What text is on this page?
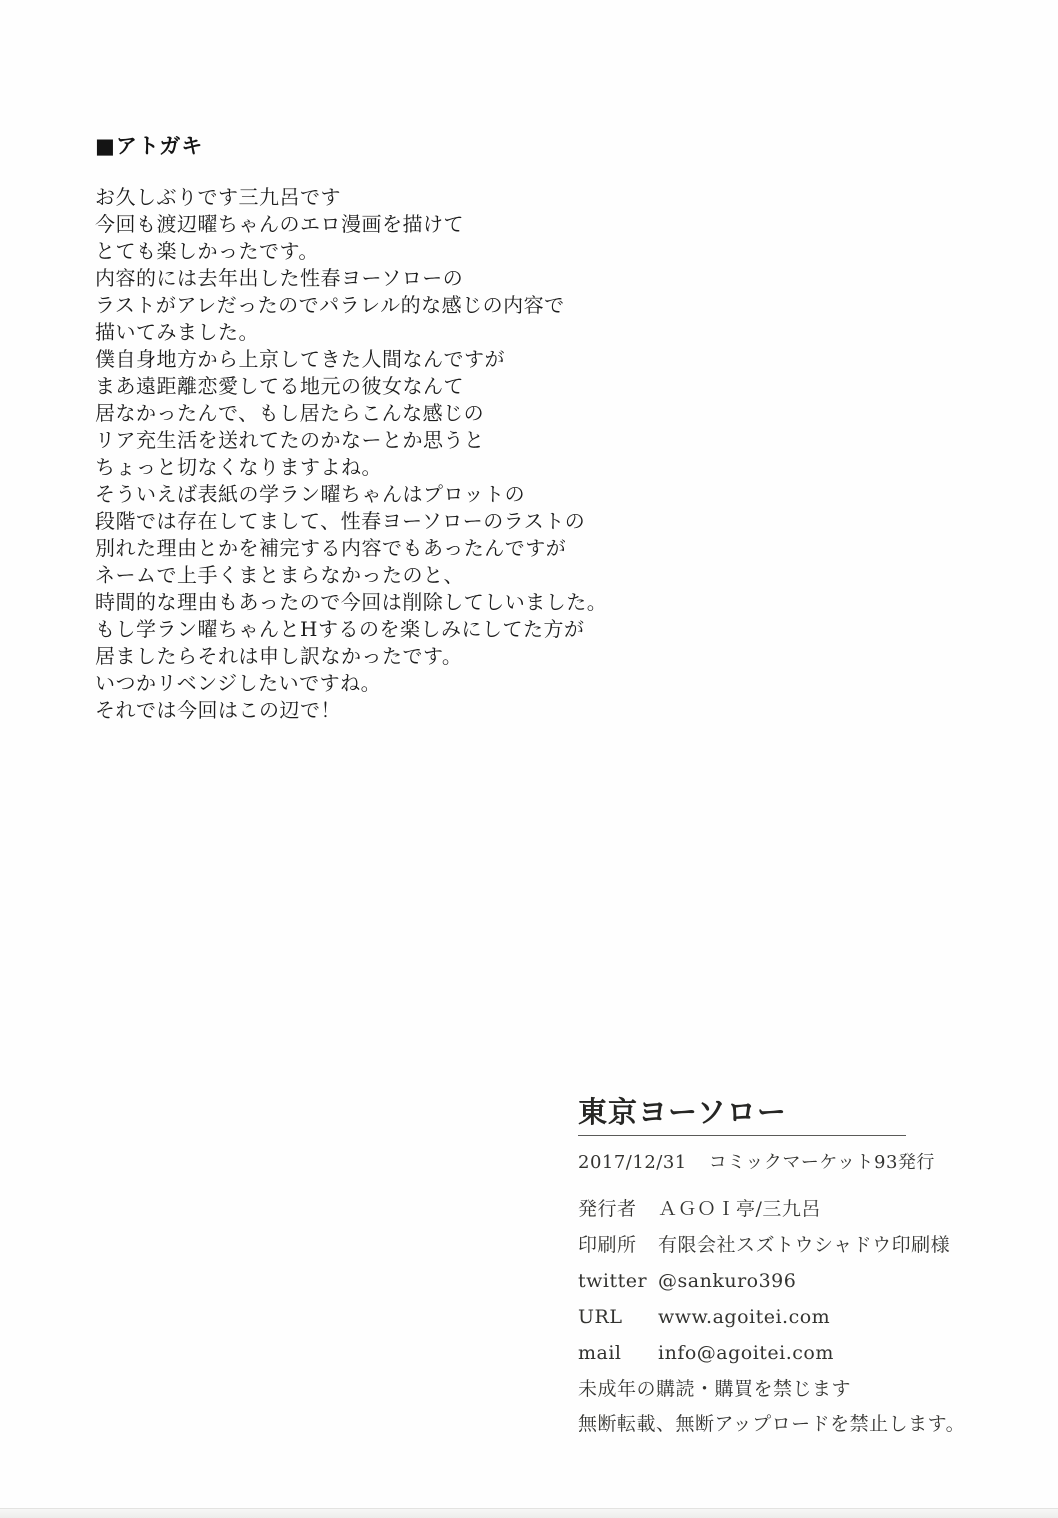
■アトガキ

お久しぶりです三九呂です

今回も渡辺曜ちゃんのエロ漫画を描けて

とても楽しかったです。

内容的には去年出した性春ヨーソローの

ラストがアレだったのでパラレル的な感じの内容で

描いてみました。

僕自身地方から上京してきた人間なんですが

まあ遠距離恋愛してる地元の彼女なんて

居なかったんで、もし居たらこんな感じの

リア充生活を送れてたのかなーとか思うと

ちょっと切なくなりますよね。

そういえば表紙の学ラン曜ちゃんはプロットの

段階では存在してまして、性春ヨーソローのラストの

別れた理由とかを補完する内容でもあったんですが

ネームで上手くまとまらなかったのと、

時間的な理由もあったので今回は削除してしいました。

もし学ラン曜ちゃんとHするのを楽しみにしてた方が

居ましたらそれは申し訳なかったです。

いつかリベンジしたいですね。

それでは今回はこの辺で！

東京ヨーソロー
2017/12/31 コミックマーケット93発行
発行者	ＡＧＯＩ亭/三九呂
印刷所	有限会社スズトウシャドウ印刷様
twitter @sankuro396
URL	www.agoitei.com
mail	info@agoitei.com
未成年の購読・購買を禁じます
無断転載、無断アップロードを禁止します。
